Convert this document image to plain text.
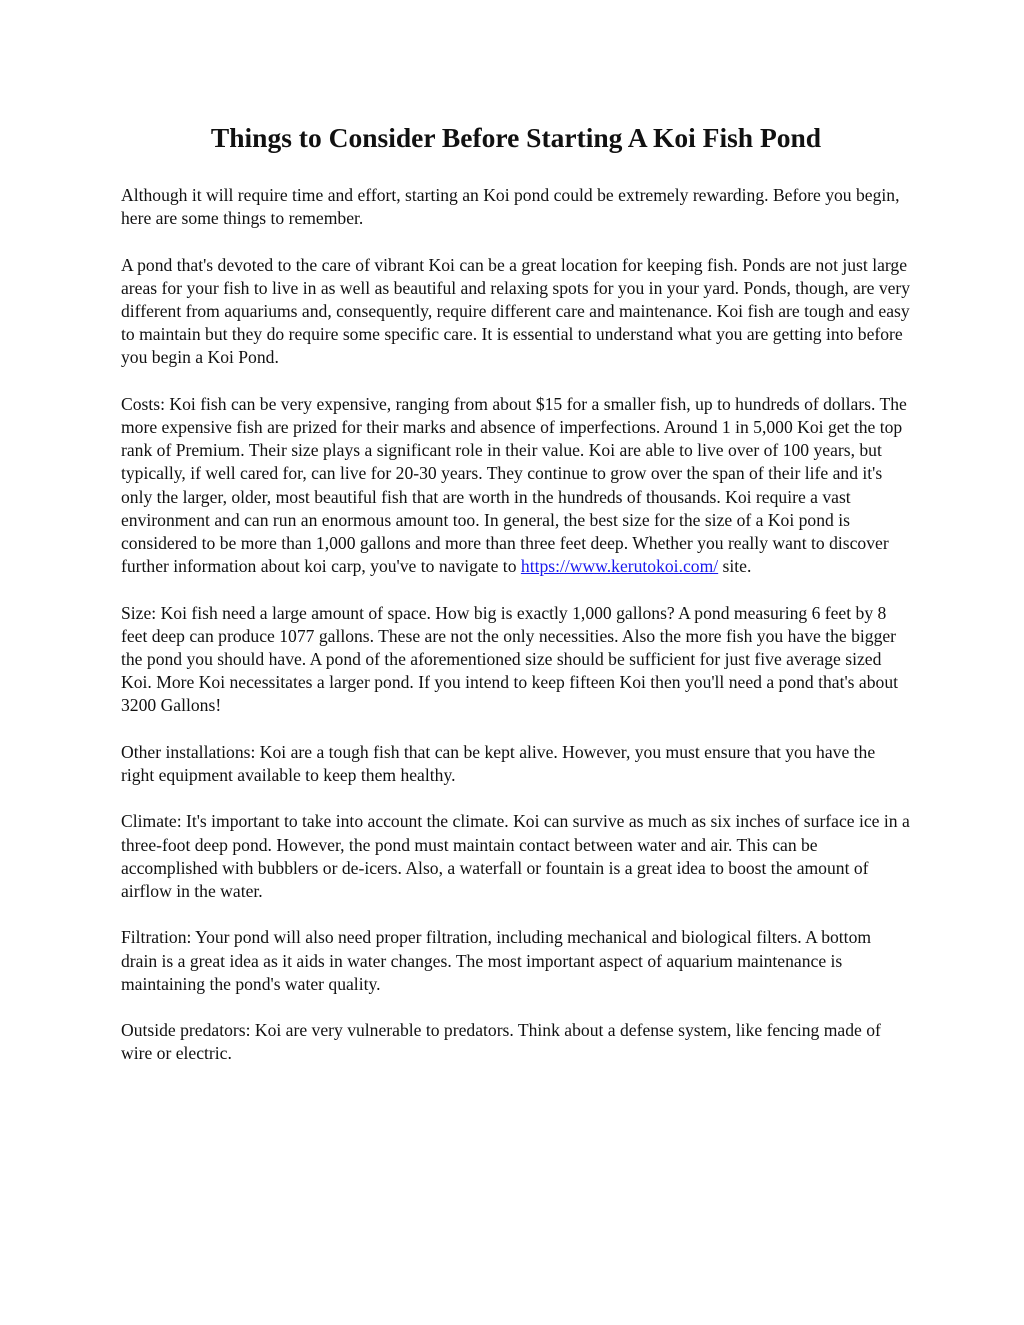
Things to Consider Before Starting A Koi Fish Pond

Although it will require time and effort, starting an Koi pond could be extremely rewarding. Before you begin, here are some things to remember.

A pond that's devoted to the care of vibrant Koi can be a great location for keeping fish. Ponds are not just large areas for your fish to live in as well as beautiful and relaxing spots for you in your yard. Ponds, though, are very different from aquariums and, consequently, require different care and maintenance. Koi fish are tough and easy to maintain but they do require some specific care. It is essential to understand what you are getting into before you begin a Koi Pond.

Costs: Koi fish can be very expensive, ranging from about $15 for a smaller fish, up to hundreds of dollars. The more expensive fish are prized for their marks and absence of imperfections. Around 1 in 5,000 Koi get the top rank of Premium. Their size plays a significant role in their value. Koi are able to live over of 100 years, but typically, if well cared for, can live for 20-30 years. They continue to grow over the span of their life and it's only the larger, older, most beautiful fish that are worth in the hundreds of thousands. Koi require a vast environment and can run an enormous amount too. In general, the best size for the size of a Koi pond is considered to be more than 1,000 gallons and more than three feet deep. Whether you really want to discover further information about koi carp, you've to navigate to https://www.kerutokoi.com/ site.

Size: Koi fish need a large amount of space. How big is exactly 1,000 gallons? A pond measuring 6 feet by 8 feet deep can produce 1077 gallons. These are not the only necessities. Also the more fish you have the bigger the pond you should have. A pond of the aforementioned size should be sufficient for just five average sized Koi. More Koi necessitates a larger pond. If you intend to keep fifteen Koi then you'll need a pond that's about 3200 Gallons!

Other installations: Koi are a tough fish that can be kept alive. However, you must ensure that you have the right equipment available to keep them healthy.

Climate: It's important to take into account the climate. Koi can survive as much as six inches of surface ice in a three-foot deep pond. However, the pond must maintain contact between water and air. This can be accomplished with bubblers or de-icers. Also, a waterfall or fountain is a great idea to boost the amount of airflow in the water.

Filtration: Your pond will also need proper filtration, including mechanical and biological filters. A bottom drain is a great idea as it aids in water changes. The most important aspect of aquarium maintenance is maintaining the pond's water quality.

Outside predators: Koi are very vulnerable to predators. Think about a defense system, like fencing made of wire or electric.
